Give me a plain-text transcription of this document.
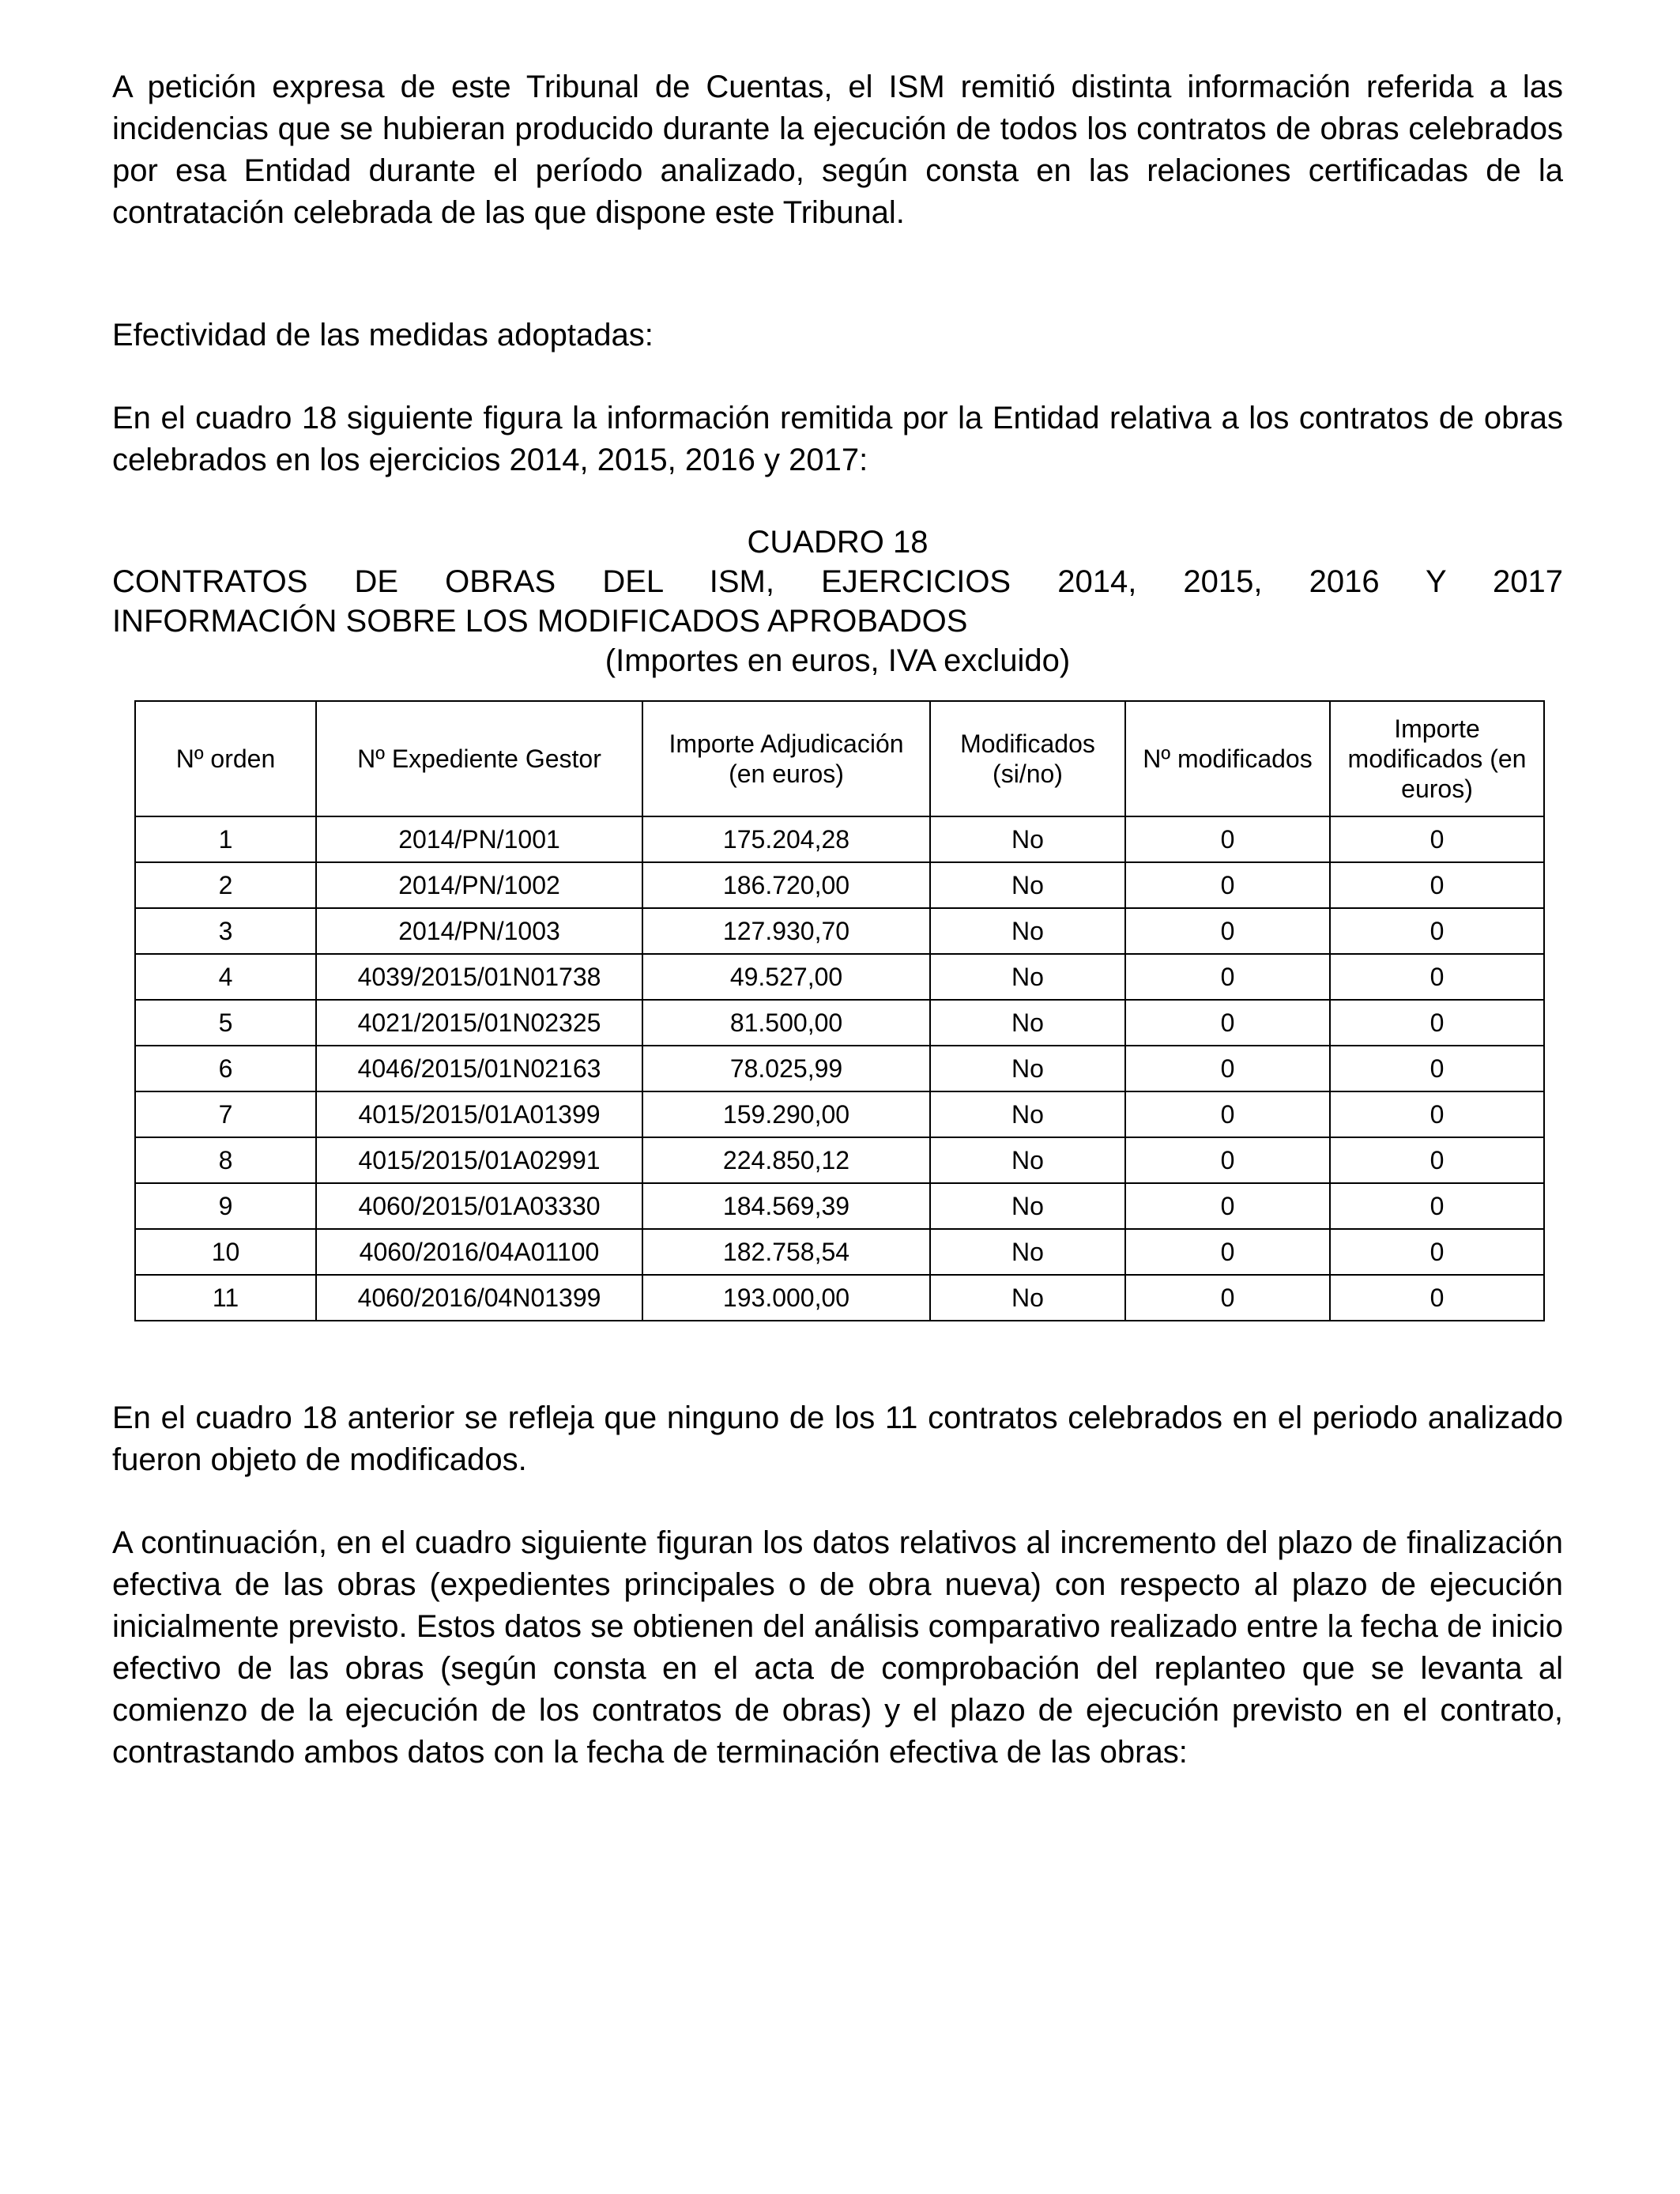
A petición expresa de este Tribunal de Cuentas, el ISM remitió distinta información referida a las incidencias que se hubieran producido durante la ejecución de todos los contratos de obras celebrados por esa Entidad durante el período analizado, según consta en las relaciones certificadas de la contratación celebrada de las que dispone este Tribunal.

Efectividad de las medidas adoptadas:

En el cuadro 18 siguiente figura la información remitida por la Entidad relativa a los contratos de obras celebrados en los ejercicios 2014, 2015, 2016 y 2017:

CUADRO 18
CONTRATOS DE OBRAS DEL ISM, EJERCICIOS 2014, 2015, 2016 Y 2017
INFORMACIÓN SOBRE LOS MODIFICADOS APROBADOS
(Importes en euros, IVA excluido)
Nº orden	Nº Expediente Gestor	Importe Adjudicación (en euros)	Modificados (si/no)	Nº modificados	Importe modificados (en euros)
1	2014/PN/1001	175.204,28	No	0	0
2	2014/PN/1002	186.720,00	No	0	0
3	2014/PN/1003	127.930,70	No	0	0
4	4039/2015/01N01738	49.527,00	No	0	0
5	4021/2015/01N02325	81.500,00	No	0	0
6	4046/2015/01N02163	78.025,99	No	0	0
7	4015/2015/01A01399	159.290,00	No	0	0
8	4015/2015/01A02991	224.850,12	No	0	0
9	4060/2015/01A03330	184.569,39	No	0	0
10	4060/2016/04A01100	182.758,54	No	0	0
11	4060/2016/04N01399	193.000,00	No	0	0

En el cuadro 18 anterior se refleja que ninguno de los 11 contratos celebrados en el periodo analizado fueron objeto de modificados.

A continuación, en el cuadro siguiente figuran los datos relativos al incremento del plazo de finalización efectiva de las obras (expedientes principales o de obra nueva) con respecto al plazo de ejecución inicialmente previsto. Estos datos se obtienen del análisis comparativo realizado entre la fecha de inicio efectivo de las obras (según consta en el acta de comprobación del replanteo que se levanta al comienzo de la ejecución de los contratos de obras) y el plazo de ejecución previsto en el contrato, contrastando ambos datos con la fecha de terminación efectiva de las obras:
